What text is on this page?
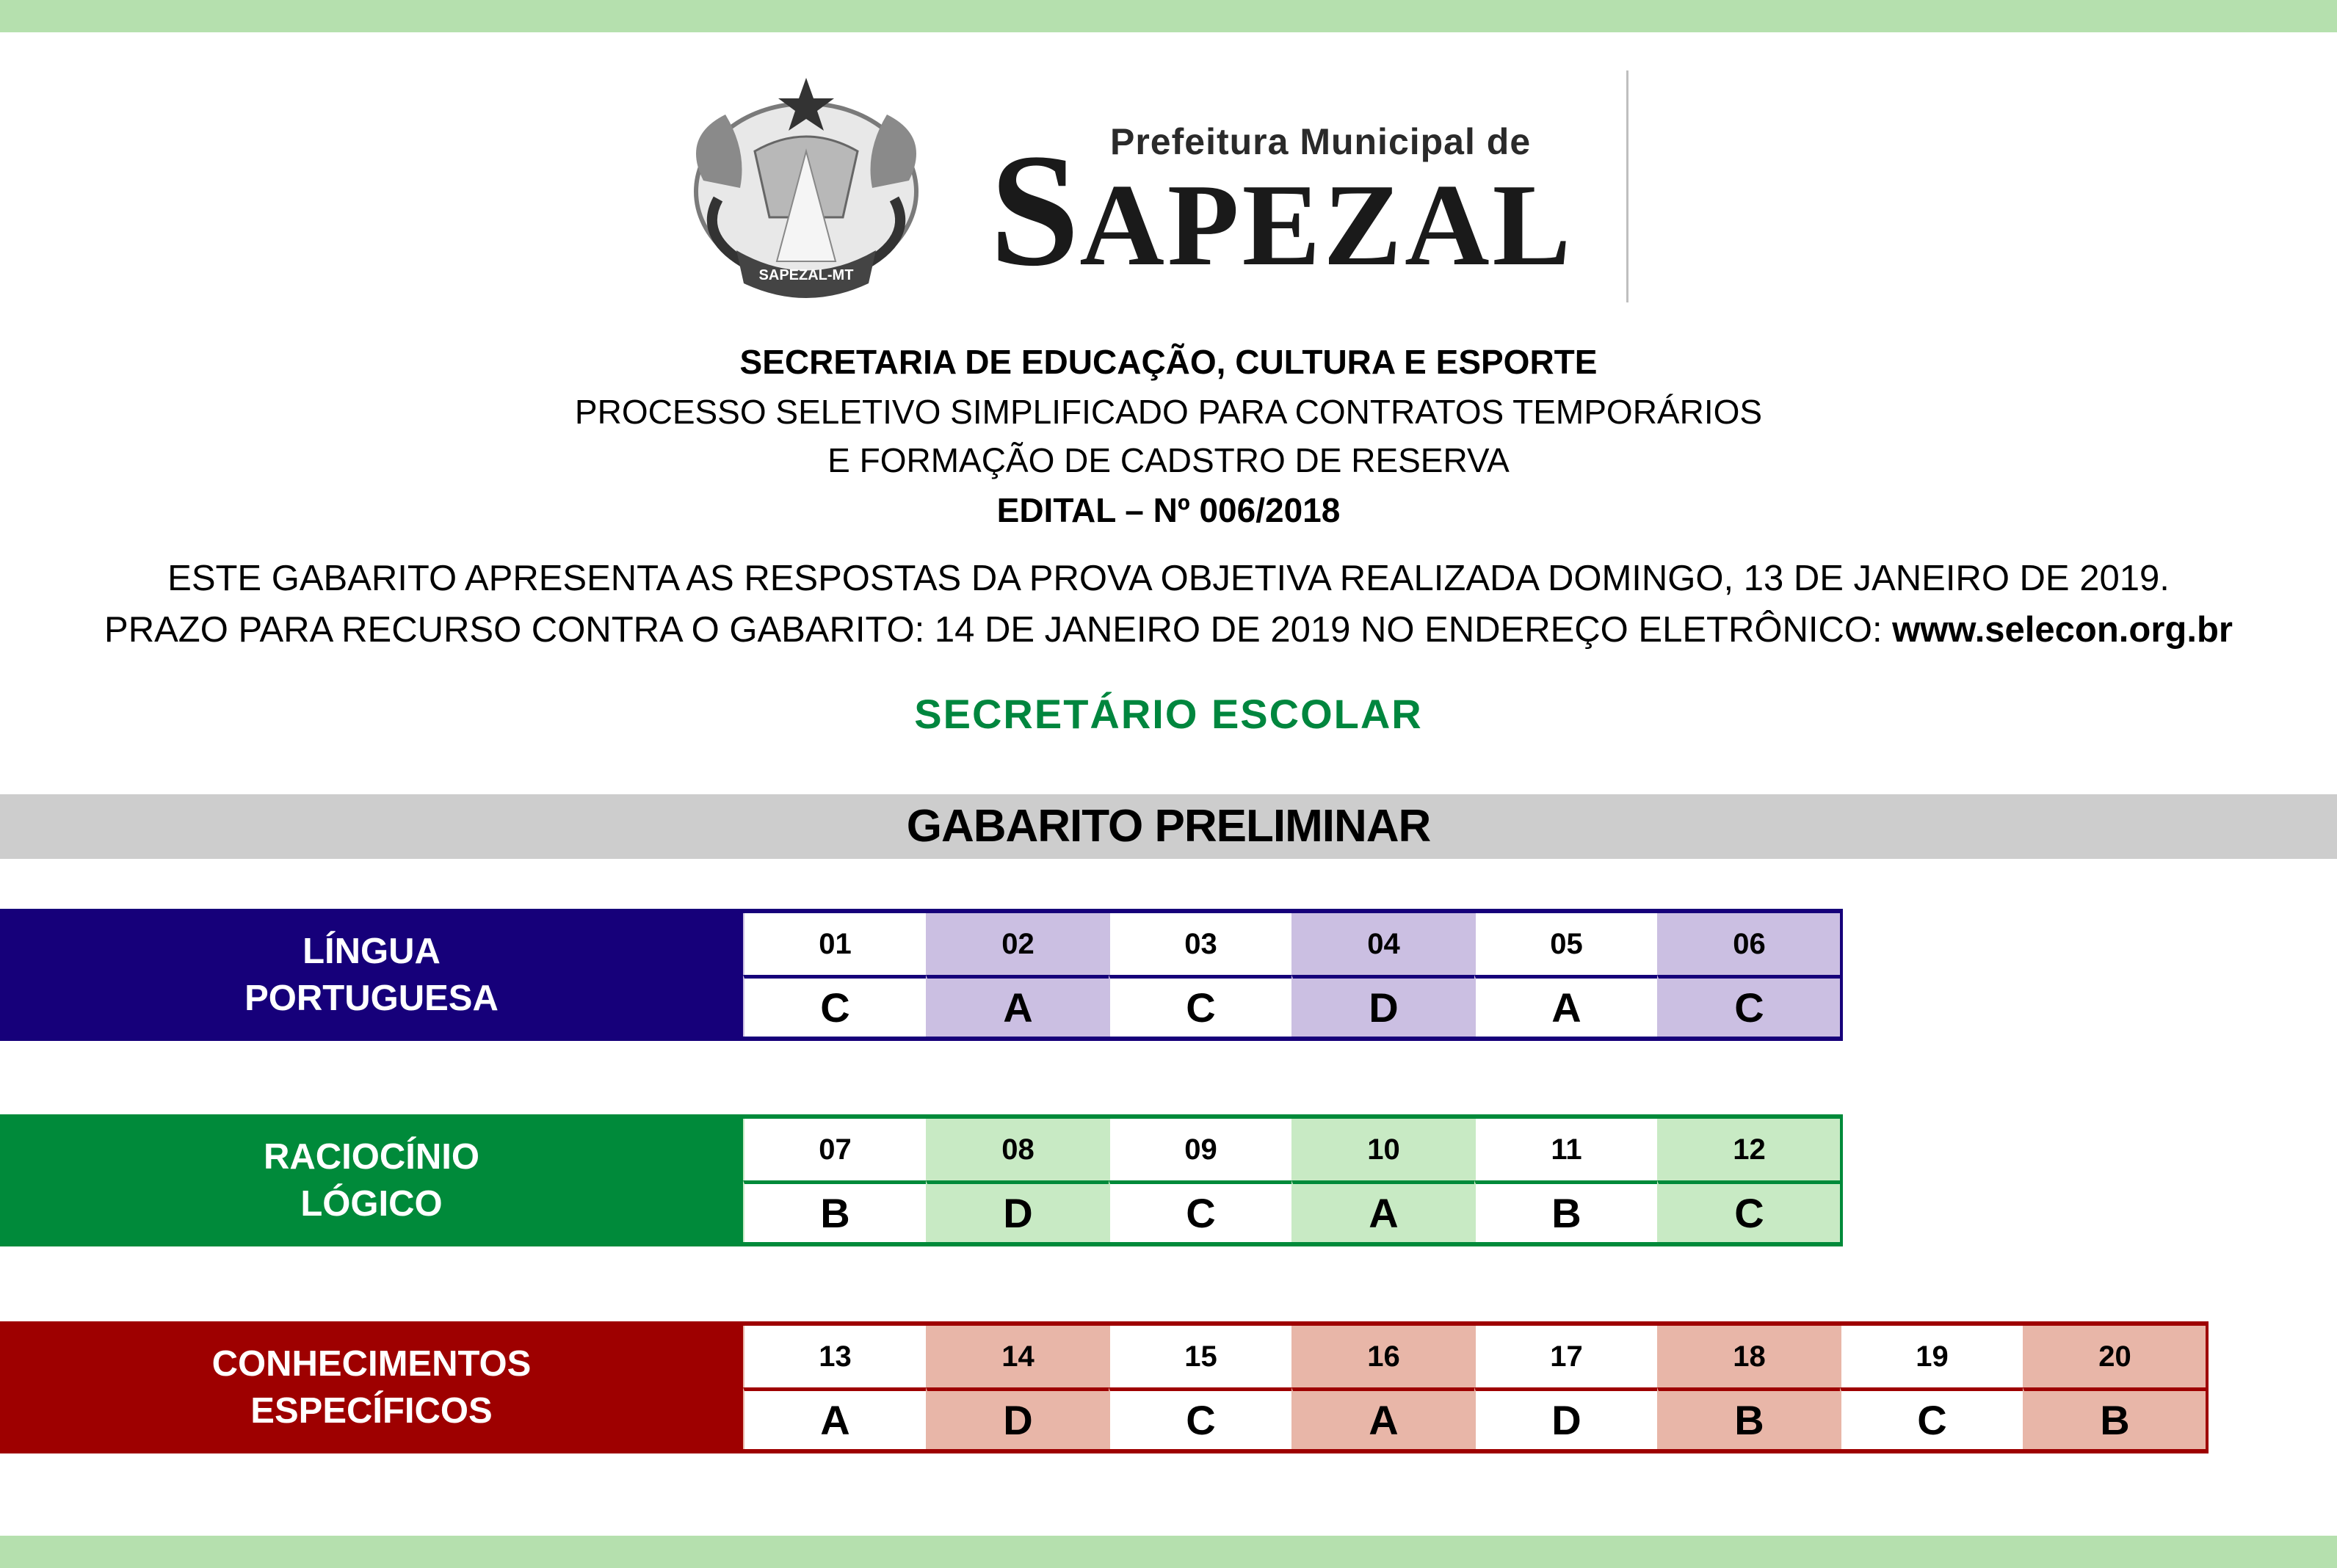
SAPEZAL-MT
Prefeitura Municipal de
SAPEZAL
SECRETARIA DE EDUCAÇÃO, CULTURA E ESPORTE
PROCESSO SELETIVO SIMPLIFICADO PARA CONTRATOS TEMPORÁRIOS
E FORMAÇÃO DE CADSTRO DE RESERVA
EDITAL – Nº 006/2018
ESTE GABARITO APRESENTA AS RESPOSTAS DA PROVA OBJETIVA REALIZADA DOMINGO, 13 DE JANEIRO DE 2019.
PRAZO PARA RECURSO CONTRA O GABARITO: 14 DE JANEIRO DE 2019 NO ENDEREÇO ELETRÔNICO: www.selecon.org.br
SECRETÁRIO ESCOLAR
GABARITO PRELIMINAR
LÍNGUA
PORTUGUESA
01	02	03	04	05	06
C	A	C	D	A	C
RACIOCÍNIO
LÓGICO
07	08	09	10	11	12
B	D	C	A	B	C
CONHECIMENTOS
ESPECÍFICOS
13	14	15	16	17	18	19	20
A	D	C	A	D	B	C	B
